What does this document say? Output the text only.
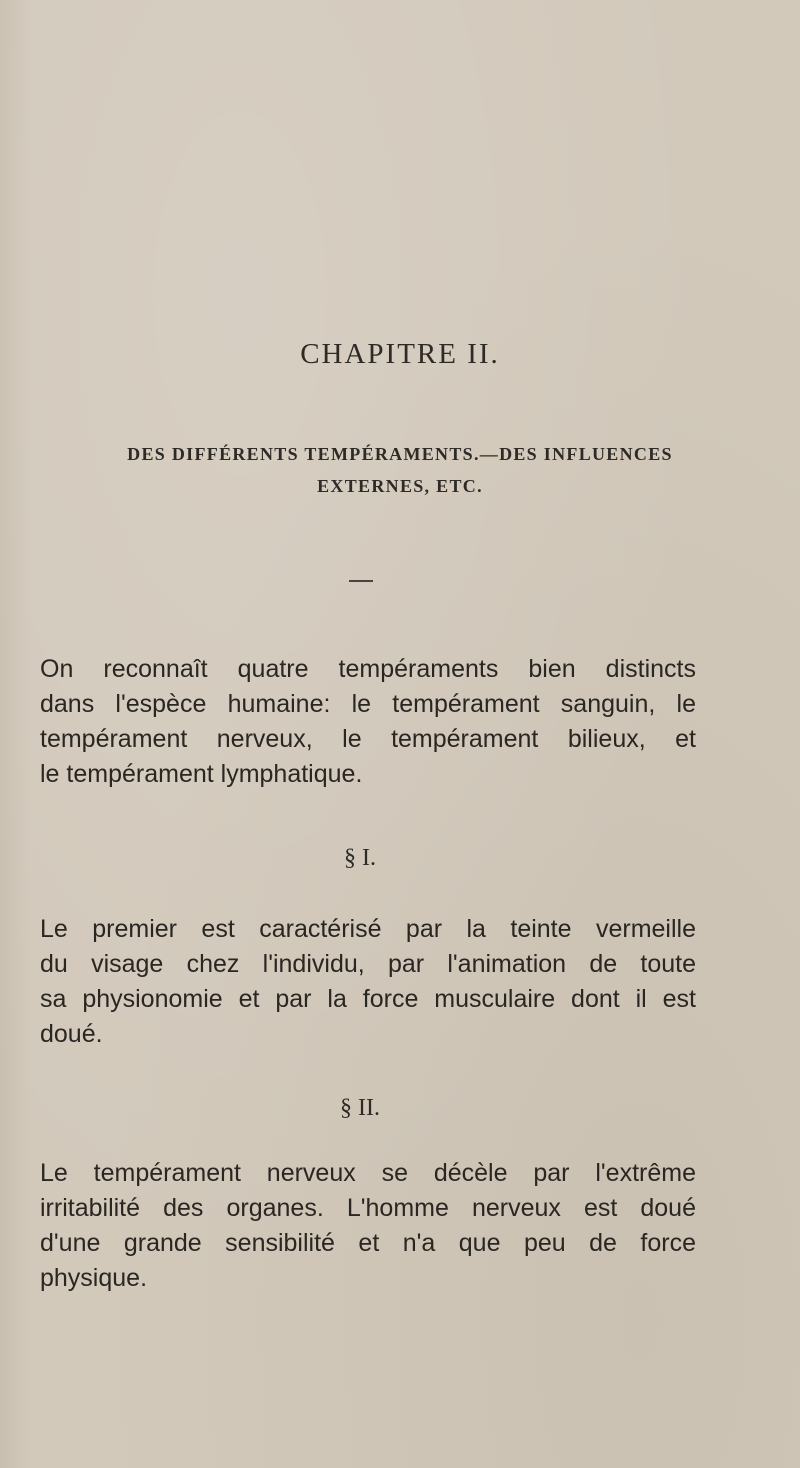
CHAPITRE II.
DES DIFFÉRENTS TEMPÉRAMENTS.—DES INFLUENCES
EXTERNES, ETC.
On reconnaît quatre tempéraments bien distincts
dans l'espèce humaine: le tempérament sanguin, le
tempérament nerveux, le tempérament bilieux, et
le tempérament lymphatique.
§ I.
Le premier est caractérisé par la teinte vermeille
du visage chez l'individu, par l'animation de toute
sa physionomie et par la force musculaire dont il est
doué.
§ II.
Le tempérament nerveux se décèle par l'extrême
irritabilité des organes. L'homme nerveux est doué
d'une grande sensibilité et n'a que peu de force
physique.
